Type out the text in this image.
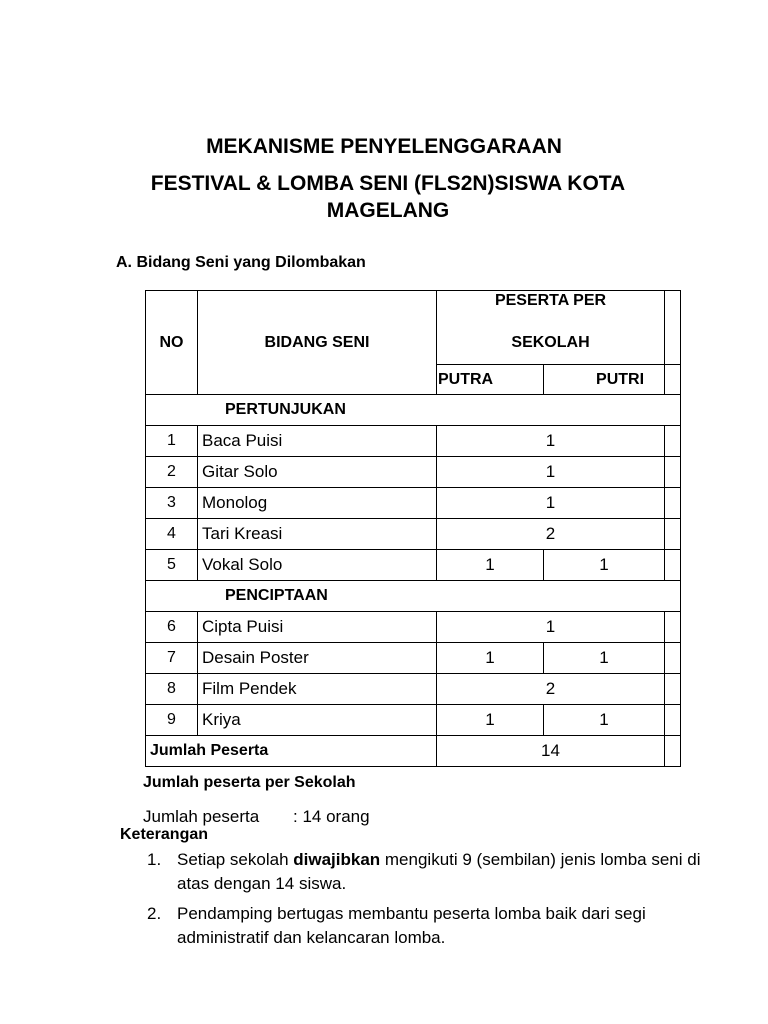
MEKANISME PENYELENGGARAAN
FESTIVAL & LOMBA SENI (FLS2N)SISWA KOTA MAGELANG
A. Bidang Seni yang Dilombakan
NO	BIDANG SENI	PESERTA PER
SEKOLAH		

		PUTRA	PUTRI	
PERTUNJUKAN				
1	Baca Puisi	1		
2	Gitar Solo	1		
3	Monolog	1		
4	Tari Kreasi	2		
5	Vokal Solo	1	1	
PENCIPTAAN				
6	Cipta Puisi	1		
7	Desain Poster	1	1	
8	Film Pendek	2		
9	Kriya	1	1	
Jumlah Peserta		14		
Jumlah peserta per Sekolah
Jumlah peserta : 14 orang
Keterangan
1. Setiap sekolah diwajibkan mengikuti 9 (sembilan) jenis lomba seni di atas dengan 14 siswa.
2. Pendamping bertugas membantu peserta lomba baik dari segi administratif dan kelancaran lomba.
